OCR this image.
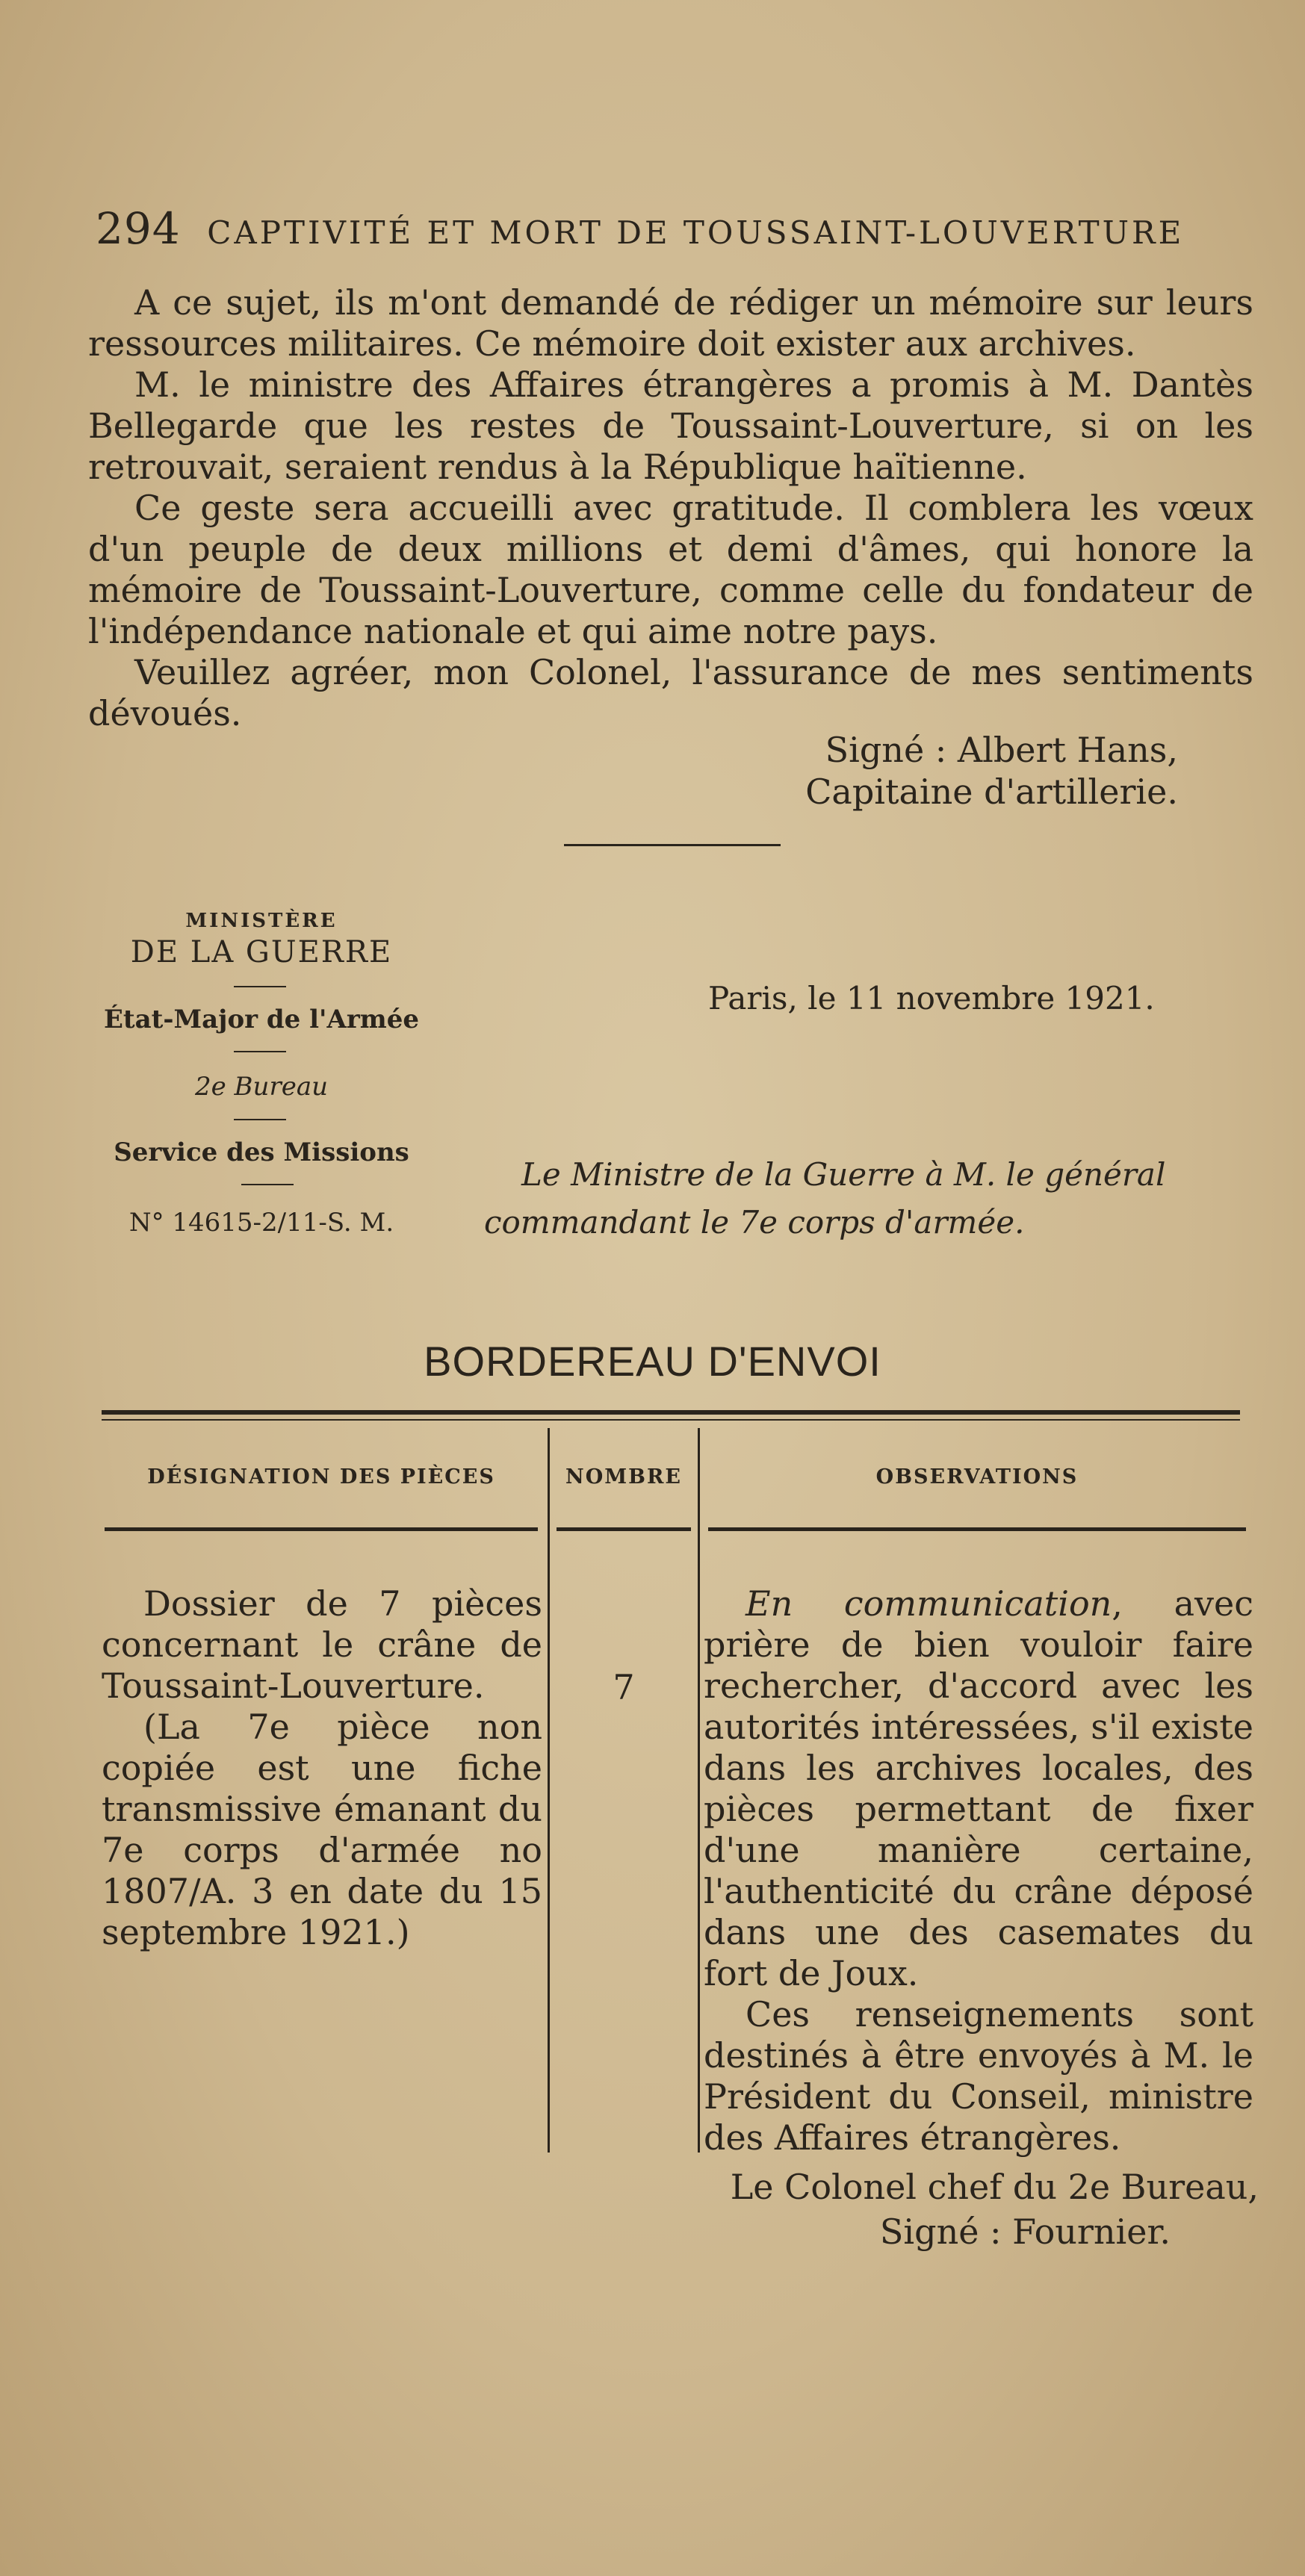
294 CAPTIVITÉ ET MORT DE TOUSSAINT-LOUVERTURE

A ce sujet, ils m'ont demandé de rédiger un mémoire sur leurs ressources militaires. Ce mémoire doit exister aux archives.

M. le ministre des Affaires étrangères a promis à M. Dantès Bellegarde que les restes de Toussaint-Louverture, si on les retrouvait, seraient rendus à la République haïtienne.

Ce geste sera accueilli avec gratitude. Il comblera les vœux d'un peuple de deux millions et demi d'âmes, qui honore la mémoire de Toussaint-Louverture, comme celle du fondateur de l'indépendance nationale et qui aime notre pays.

Veuillez agréer, mon Colonel, l'assurance de mes sentiments dévoués.

Signé : Albert Hans,
Capitaine d'artillerie.
MINISTÈRE
DE LA GUERRE
État-Major de l'Armée
2e Bureau
Service des Missions
N° 14615-2/11-S. M.
Paris, le 11 novembre 1921.
Le Ministre de la Guerre à M. le général
commandant le 7e corps d'armée.
BORDEREAU D'ENVOI
DÉSIGNATION DES PIÈCES	NOMBRE	OBSERVATIONS

Dossier de 7 pièces concernant le crâne de Toussaint-Louverture.

(La 7e pièce non copiée est une fiche transmissive émanant du 7e corps d'armée no 1807/A. 3 en date du 15 septembre 1921.)

7

En communication, avec prière de bien vouloir faire rechercher, d'accord avec les autorités intéressées, s'il existe dans les archives locales, des pièces permettant de fixer d'une manière certaine, l'authenticité du crâne déposé dans une des casemates du fort de Joux.

Ces renseignements sont destinés à être envoyés à M. le Président du Conseil, ministre des Affaires étrangères.

Le Colonel chef du 2e Bureau,
Signé : Fournier.
